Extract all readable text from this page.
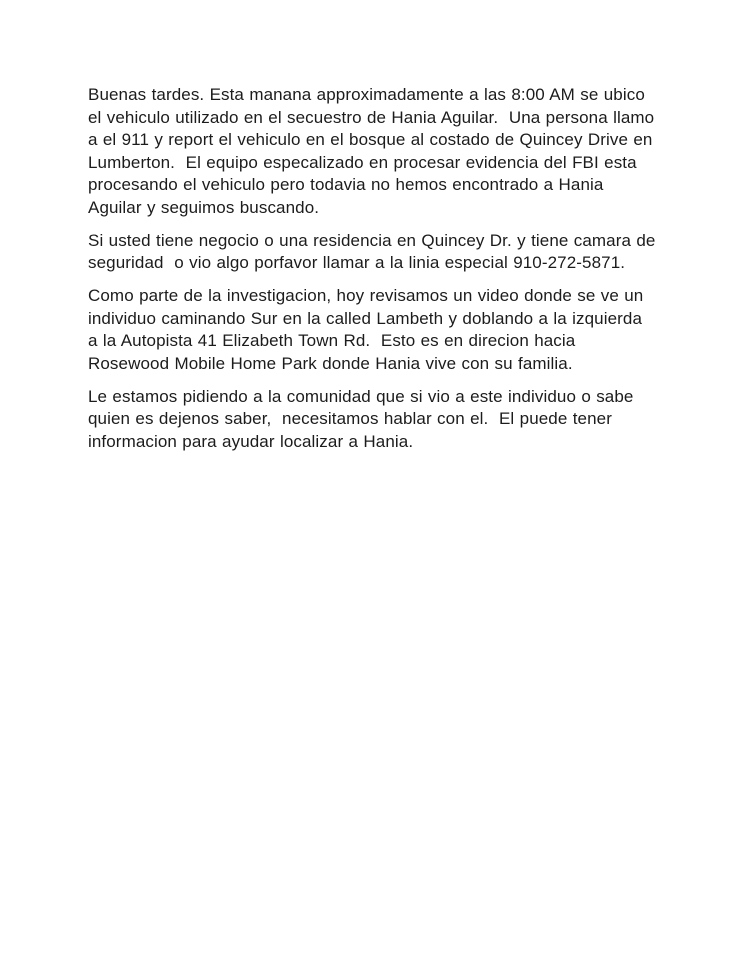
Buenas tardes. Esta manana approximadamente a las 8:00 AM se ubico el vehiculo utilizado en el secuestro de Hania Aguilar.  Una persona llamo a el 911 y report el vehiculo en el bosque al costado de Quincey Drive en Lumberton.  El equipo especalizado en procesar evidencia del FBI esta procesando el vehiculo pero todavia no hemos encontrado a Hania Aguilar y seguimos buscando.

Si usted tiene negocio o una residencia en Quincey Dr. y tiene camara de seguridad  o vio algo porfavor llamar a la linia especial 910-272-5871.

Como parte de la investigacion, hoy revisamos un video donde se ve un individuo caminando Sur en la called Lambeth y doblando a la izquierda a la Autopista 41 Elizabeth Town Rd.  Esto es en direcion hacia Rosewood Mobile Home Park donde Hania vive con su familia.

Le estamos pidiendo a la comunidad que si vio a este individuo o sabe quien es dejenos saber,  necesitamos hablar con el.  El puede tener informacion para ayudar localizar a Hania.
